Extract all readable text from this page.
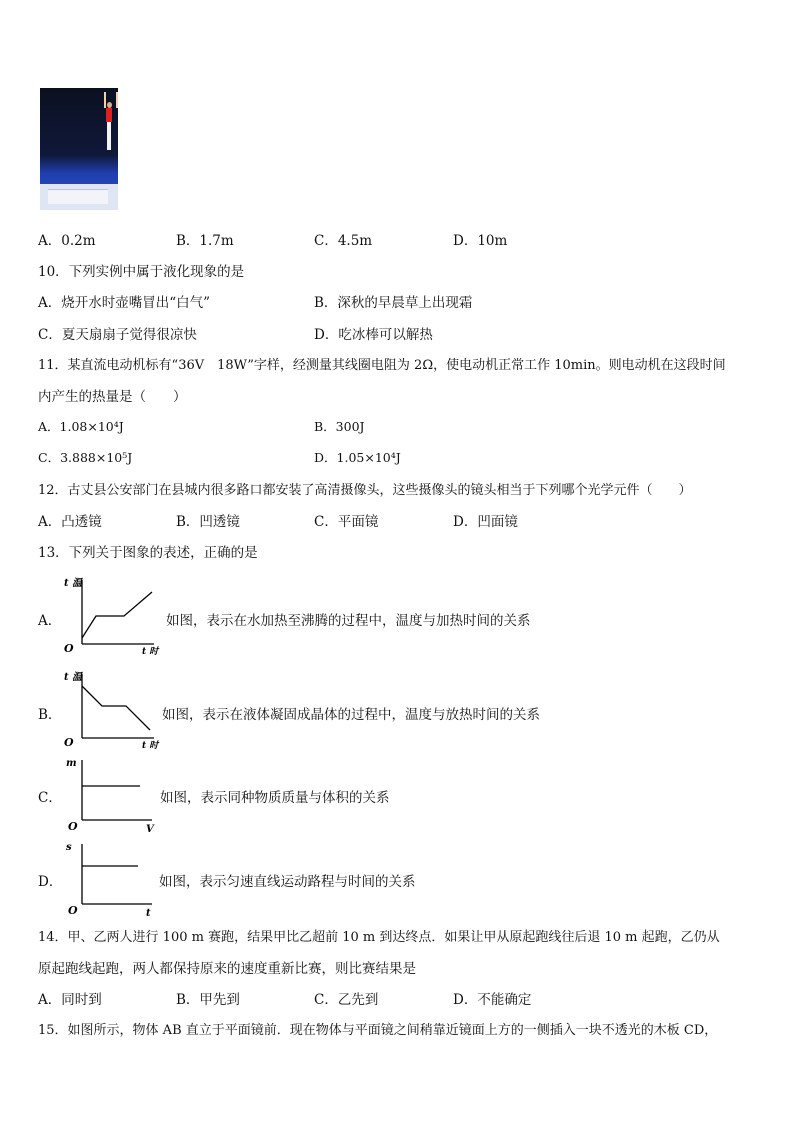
A．0.2m	B．1.7m	C．4.5m	D．10m
10．下列实例中属于液化现象的是
A．烧开水时壶嘴冒出“白气”	B．深秋的早晨草上出现霜
C．夏天扇扇子觉得很凉快	D．吃冰棒可以解热
11．某直流电动机标有“36V　18W”字样，经测量其线圈电阻为 2Ω，使电动机正常工作 10min。则电动机在这段时间
内产生的热量是（　　）
A．1.08×10⁴J	B．300J
C．3.888×10⁵J	D．1.05×10⁴J
12．古丈县公安部门在县城内很多路口都安装了高清摄像头，这些摄像头的镜头相当于下列哪个光学元件（　　）
A．凸透镜	B．凹透镜	C．平面镜	D．凹面镜
13．下列关于图象的表述，正确的是
A．
t 温
O	t 时
如图，表示在水加热至沸腾的过程中，温度与加热时间的关系
B．
t 温
O	t 时
如图，表示在液体凝固成晶体的过程中，温度与放热时间的关系
C．
m
O	V
如图，表示同种物质质量与体积的关系
D．
s
O	t
如图，表示匀速直线运动路程与时间的关系
14．甲、乙两人进行 100 m 赛跑，结果甲比乙超前 10 m 到达终点．如果让甲从原起跑线往后退 10 m 起跑，乙仍从
原起跑线起跑，两人都保持原来的速度重新比赛，则比赛结果是
A．同时到	B．甲先到	C．乙先到	D．不能确定
15．如图所示，物体 AB 直立于平面镜前．现在物体与平面镜之间稍靠近镜面上方的一侧插入一块不透光的木板 CD，
